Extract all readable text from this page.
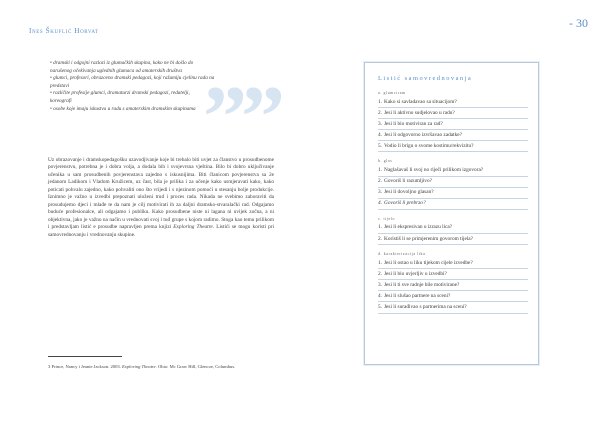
Ines Škuflić Horvat
- 30
• dramski i odgojni razlozi iz glumačkih skupina, kako ne bi došlo do
narušenog očekivanja uglednih glumaca od amaterskih društva
• glumci, profesori, obrazovno dramski pedagozi, koji ražumiju cjelinu rada na
predstavi
• različite profesije glumci, dramaturzi dramski pedagozi, redatelji,
koreografi
• osobe koje imaju iskustva u radu s amaterskim dramskim skupinama ””
Uz obrazovanje i dramskopedagošku uzavodjivanje koje bi trebalo biti uvjet za članstvo u prosudbenome povjerenstvu, potrebna je i dobra volja, a dodala bih i svojevrsna vještina. Bilo bi dobro uključivanje učenika u sam prosudbenih povjerenstava zajedno s iskusnijima. Biti članicom povjerenstva sa 2e jedanom Ladikom i Vladom Kružicem, uz čast, bila je prilika i za učenje kako usmjeravati kako, kako poticati pohvalu zajedno, kako pohvaliti ono što vrijedi i s njezinom pomoći u stesanju bolje produkcije. Iznimno je važno u izvedbi prepoznati uloženi trud i proces rada. Nikada ne svebimo zaboraviti da prosudujemo djeci i mlađe te da nam je cilj motivirati ih za daljni dramsko-stvaralački rad. Odgajamo buduće profesionalce, ali odgajamo i publiku. Kako prosudbene niste ni lagana ni uvijek zočna, a ni objektivna, jako je važno na način u vrednovati svoj i tuđ grupe s kojom radimo. Stoga kao temu prilikom i predstavljam listić e prosudbe napravljen prema knjizi Exploring Theatre. Listići se mogu koristi pri samovrednovanju i vrednovanju skupine.
3 Prince, Nancy i Jeanie Jackson. 2003. Exploring Theatre. Ohio: Mc Graw Hill, Glencoe, Columbus.
Listić samovrednovanja
a. glumciram
1. Kako si savladavao sa situacijom?
2. Jesi li aktivno sudjelovao u radu?
3. Jesi li bio motiviran za rad?
4. Jesi li odgovorno izvršavao zadatke?
5. Vodio li brigu o svome kostimu/rekvizitu?
b. glas
1. Naglašavaš li svoj no riječi prilikom izgovora?
2. Govoriš li razumljivo?
3. Jesi li dovoljno glasan?
4. Govoriš li prebrzo?
c. tijelo
1. Jesi li ekspresivan u izrazu lica?
2. Koristiš li se primjerenim govorom tijela?
d. karakterizacija lika
1. Jesi li ostao u liku tijekom cijele izvedbe?
2. Jesi li bio uvjerljiv u izvedbi?
3. Jesi li ti sve radnje bile motivirane?
4. Jesi li slušao partnere na sceni?
5. Jesi li surađivao s partnerima na sceni?
